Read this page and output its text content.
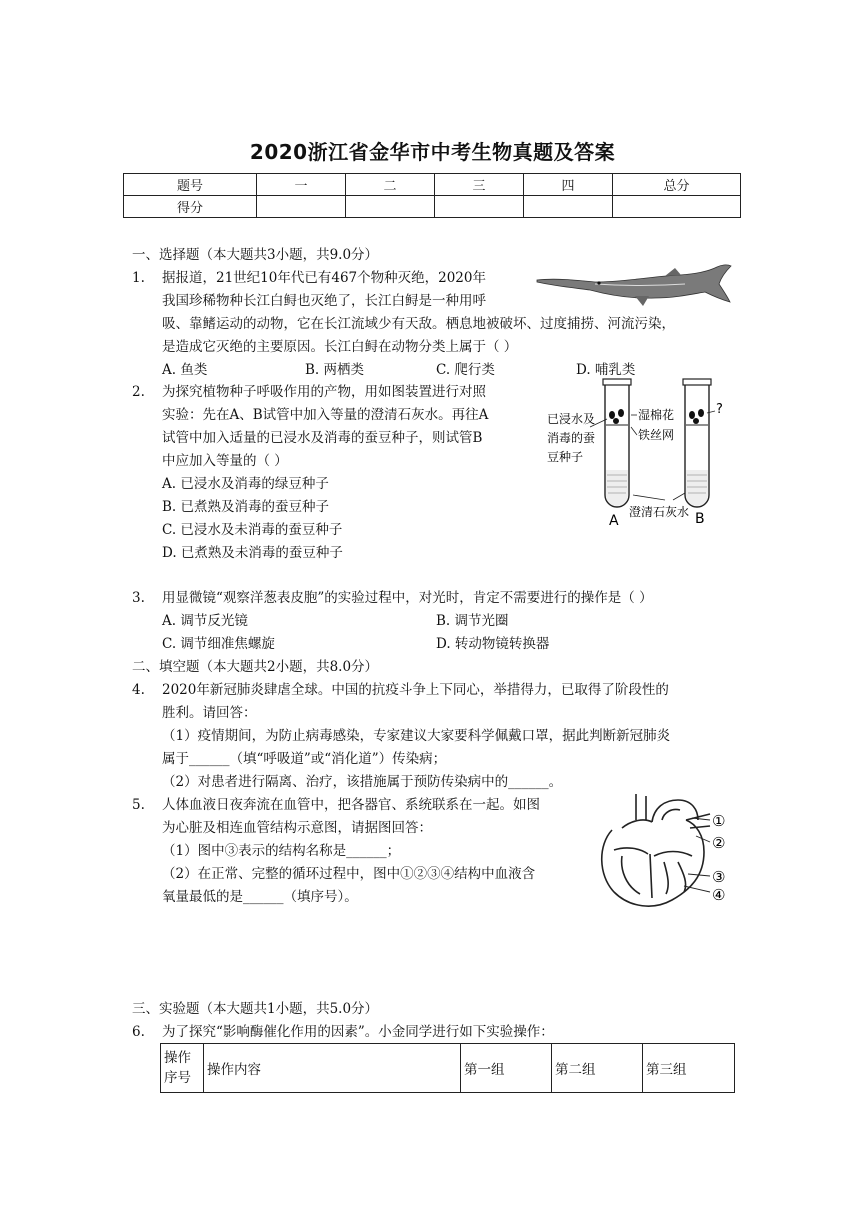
2020浙江省金华市中考生物真题及答案
题号	一	二	三	四	总分
得分					
一、选择题（本大题共3小题，共9.0分）
1. 据报道，21世纪10年代已有467个物种灭绝，2020年
我国珍稀物种长江白鲟也灭绝了，长江白鲟是一种用呼
吸、靠鳍运动的动物，它在长江流域少有天敌。栖息地被破坏、过度捕捞、河流污染，
是造成它灭绝的主要原因。长江白鲟在动物分类上属于（ ）
A. 鱼类	B. 两栖类	C. 爬行类	D. 哺乳类
2. 为探究植物种子呼吸作用的产物，用如图装置进行对照
实验：先在A、B试管中加入等量的澄清石灰水。再往A
试管中加入适量的已浸水及消毒的蚕豆种子，则试管B
中应加入等量的（ ）
A. 已浸水及消毒的绿豆种子
B. 已煮熟及消毒的蚕豆种子
C. 已浸水及未消毒的蚕豆种子
D. 已煮熟及未消毒的蚕豆种子
已浸水及
消毒的蚕
豆种子
湿棉花
铁丝网
?
澄清石灰水
A	B
3. 用显微镜“观察洋葱表皮胞”的实验过程中，对光时，肯定不需要进行的操作是（ ）
A. 调节反光镜	B. 调节光圈
C. 调节细准焦螺旋	D. 转动物镜转换器
二、填空题（本大题共2小题，共8.0分）
4. 2020年新冠肺炎肆虐全球。中国的抗疫斗争上下同心，举措得力，已取得了阶段性的
胜利。请回答：
（1）疫情期间，为防止病毒感染，专家建议大家要科学佩戴口罩，据此判断新冠肺炎
属于______（填“呼吸道”或“消化道”）传染病；
（2）对患者进行隔离、治疗，该措施属于预防传染病中的______。
5. 人体血液日夜奔流在血管中，把各器官、系统联系在一起。如图
为心脏及相连血管结构示意图，请据图回答：
（1）图中③表示的结构名称是______；
（2）在正常、完整的循环过程中，图中①②③④结构中血液含
氧量最低的是______（填序号）。
①
②
③
④
三、实验题（本大题共1小题，共5.0分）
6. 为了探究“影响酶催化作用的因素”。小金同学进行如下实验操作：
操作序号	操作内容	第一组	第二组	第三组
